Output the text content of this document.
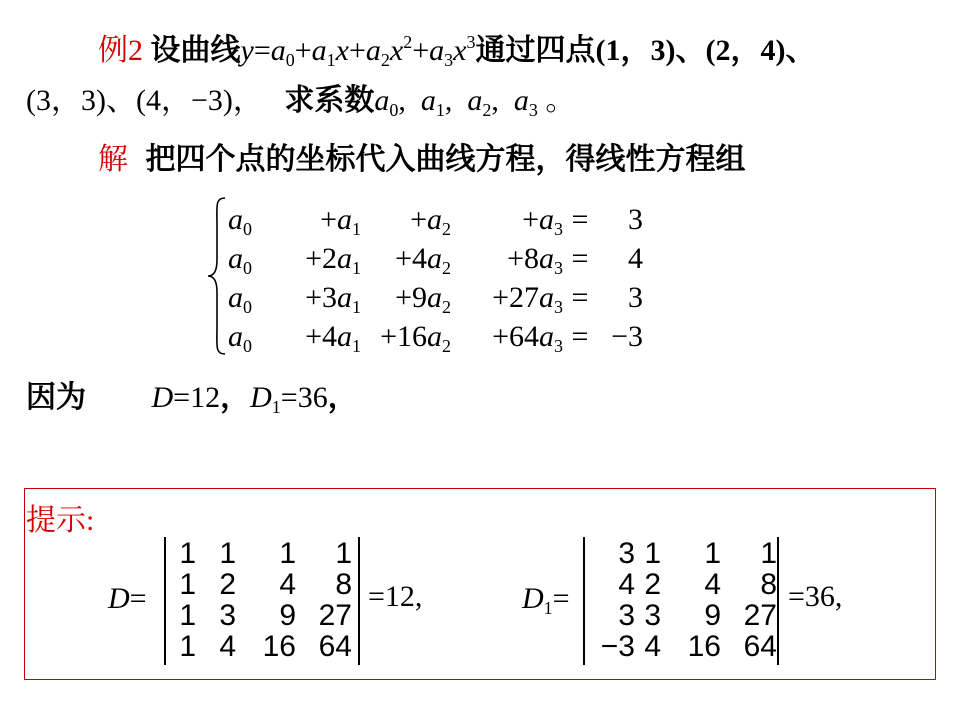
例2 设曲线$y=a_0+a_1x+a_2x^2+a_3x^3$通过四点(1，3)、(2，4)、
(3，3)、(4，−3)， 求系数$a_0$,  $a_1$,  $a_2$,  $a_3$ 。
解 把四个点的坐标代入曲线方程，得线性方程组
$a_0$	$+a_1$	$+a_2$	$+a_3$	=	3
$a_0$	$+2a_1$	$+4a_2$	$+8a_3$	=	4
$a_0$	$+3a_1$	$+9a_2$	$+27a_3$	=	3
$a_0$	$+4a_1$	$+16a_2$	$+64a_3$	=	−3
因为 D=12，$D_1=36$，
提示:
D=
1	1	1	1
1	2	4	8
1	3	9	27
1	4	16	64
=12,	$D_1=$
3	1	1	1
4	2	4	8
3	3	9	27
−3	4	16	64
=36,
